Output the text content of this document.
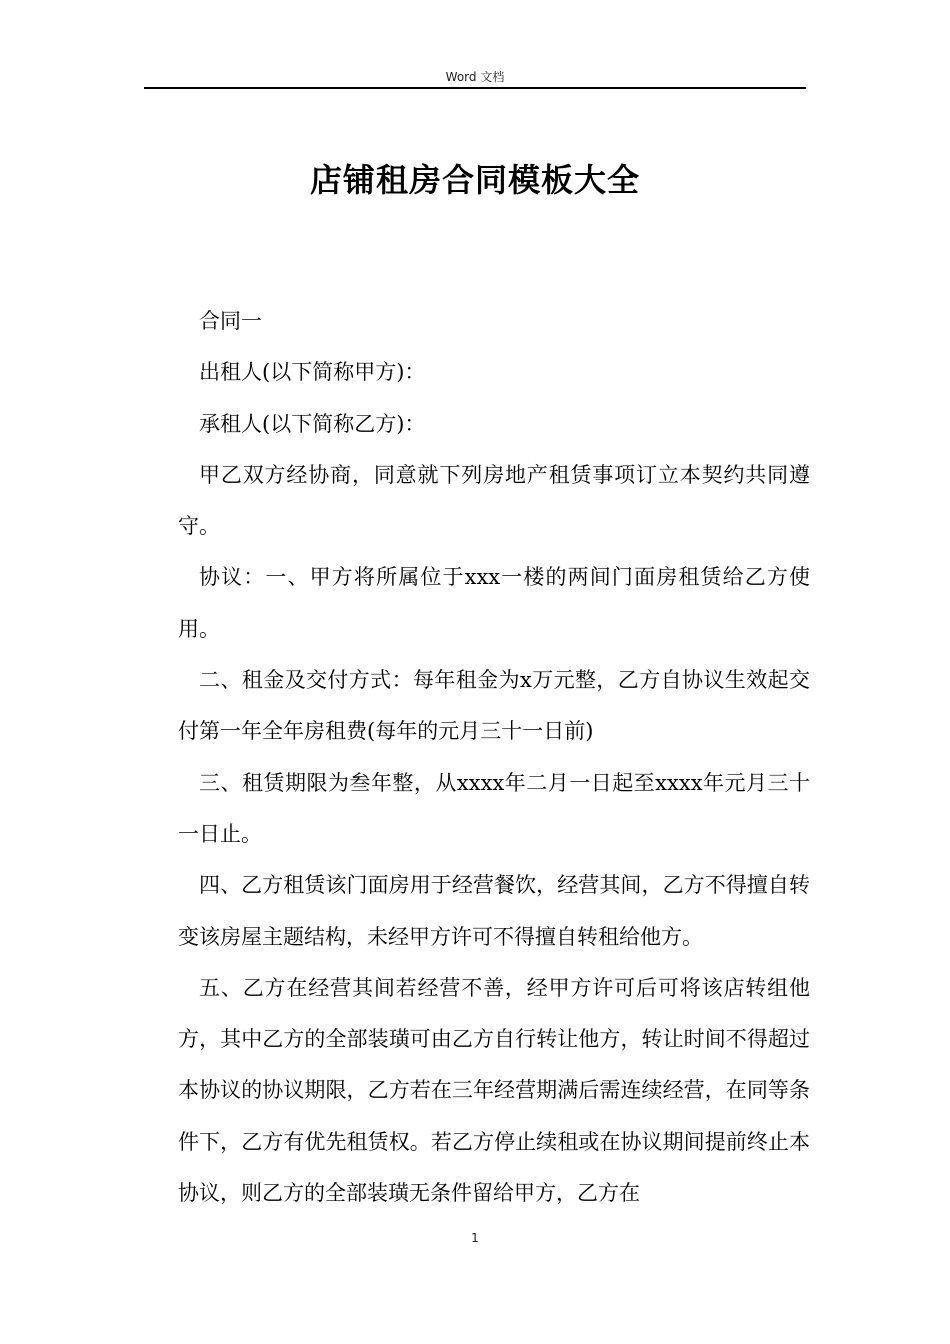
Word 文档
店铺租房合同模板大全

合同一

出租人(以下简称甲方)：

承租人(以下简称乙方)：

甲乙双方经协商，同意就下列房地产租赁事项订立本契约共同遵守。

协议：一、甲方将所属位于xxx一楼的两间门面房租赁给乙方使用。

二、租金及交付方式：每年租金为x万元整，乙方自协议生效起交付第一年全年房租费(每年的元月三十一日前)

三、租赁期限为叁年整，从xxxx年二月一日起至xxxx年元月三十一日止。

四、乙方租赁该门面房用于经营餐饮，经营其间，乙方不得擅自转变该房屋主题结构，未经甲方许可不得擅自转租给他方。

五、乙方在经营其间若经营不善，经甲方许可后可将该店转组他方，其中乙方的全部装璜可由乙方自行转让他方，转让时间不得超过本协议的协议期限，乙方若在三年经营期满后需连续经营，在同等条件下，乙方有优先租赁权。若乙方停止续租或在协议期间提前终止本协议，则乙方的全部装璜无条件留给甲方，乙方在

1
